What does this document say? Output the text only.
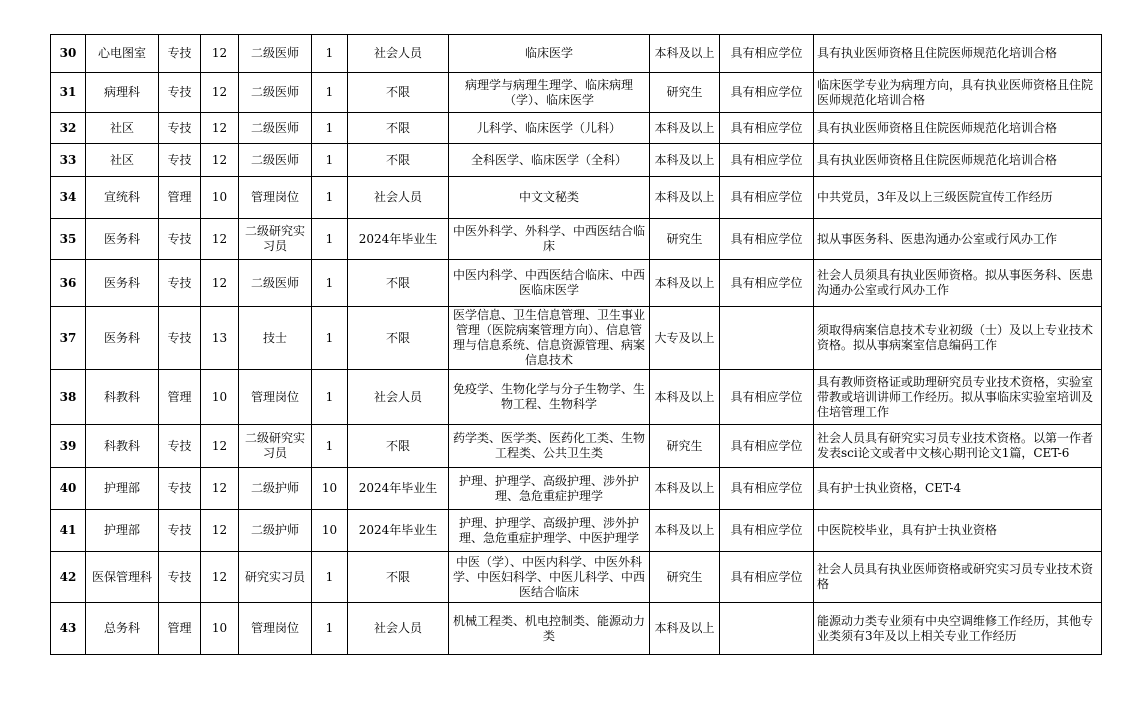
30	心电图室	专技	12	二级医师	1	社会人员	临床医学	本科及以上	具有相应学位	具有执业医师资格且住院医师规范化培训合格
31	病理科	专技	12	二级医师	1	不限	病理学与病理生理学、临床病理（学）、临床医学	研究生	具有相应学位	临床医学专业为病理方向，具有执业医师资格且住院医师规范化培训合格
32	社区	专技	12	二级医师	1	不限	儿科学、临床医学（儿科）	本科及以上	具有相应学位	具有执业医师资格且住院医师规范化培训合格
33	社区	专技	12	二级医师	1	不限	全科医学、临床医学（全科）	本科及以上	具有相应学位	具有执业医师资格且住院医师规范化培训合格
34	宣统科	管理	10	管理岗位	1	社会人员	中文文秘类	本科及以上	具有相应学位	中共党员，3年及以上三级医院宣传工作经历
35	医务科	专技	12	二级研究实习员	1	2024年毕业生	中医外科学、外科学、中西医结合临床	研究生	具有相应学位	拟从事医务科、医患沟通办公室或行风办工作
36	医务科	专技	12	二级医师	1	不限	中医内科学、中西医结合临床、中西医临床医学	本科及以上	具有相应学位	社会人员须具有执业医师资格。拟从事医务科、医患沟通办公室或行风办工作
37	医务科	专技	13	技士	1	不限	医学信息、卫生信息管理、卫生事业管理（医院病案管理方向）、信息管理与信息系统、信息资源管理、病案信息技术	大专及以上		须取得病案信息技术专业初级（士）及以上专业技术资格。拟从事病案室信息编码工作
38	科教科	管理	10	管理岗位	1	社会人员	免疫学、生物化学与分子生物学、生物工程、生物科学	本科及以上	具有相应学位	具有教师资格证或助理研究员专业技术资格，实验室带教或培训讲师工作经历。拟从事临床实验室培训及住培管理工作
39	科教科	专技	12	二级研究实习员	1	不限	药学类、医学类、医药化工类、生物工程类、公共卫生类	研究生	具有相应学位	社会人员具有研究实习员专业技术资格。以第一作者发表sci论文或者中文核心期刊论文1篇，CET-6
40	护理部	专技	12	二级护师	10	2024年毕业生	护理、护理学、高级护理、涉外护理、急危重症护理学	本科及以上	具有相应学位	具有护士执业资格，CET-4
41	护理部	专技	12	二级护师	10	2024年毕业生	护理、护理学、高级护理、涉外护理、急危重症护理学、中医护理学	本科及以上	具有相应学位	中医院校毕业，具有护士执业资格
42	医保管理科	专技	12	研究实习员	1	不限	中医（学）、中医内科学、中医外科学、中医妇科学、中医儿科学、中西医结合临床	研究生	具有相应学位	社会人员具有执业医师资格或研究实习员专业技术资格
43	总务科	管理	10	管理岗位	1	社会人员	机械工程类、机电控制类、能源动力类	本科及以上		能源动力类专业须有中央空调维修工作经历，其他专业类须有3年及以上相关专业工作经历
